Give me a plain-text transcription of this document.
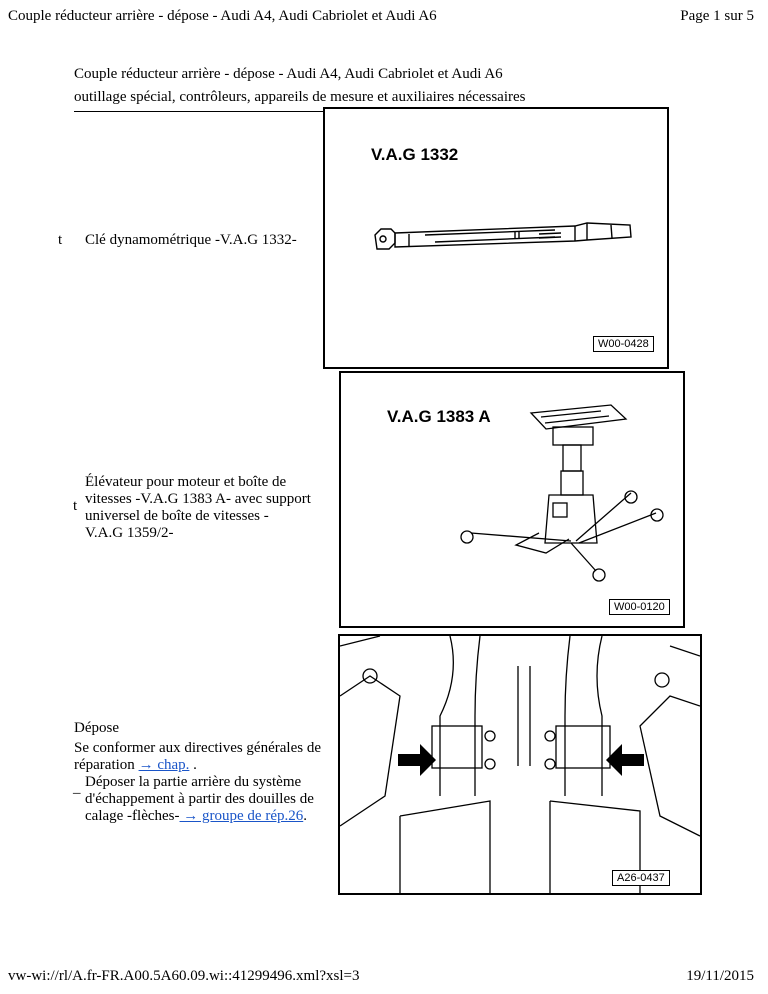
Couple réducteur arrière - dépose - Audi A4, Audi Cabriolet et Audi A6	Page 1 sur 5
Couple réducteur arrière - dépose - Audi A4, Audi Cabriolet et Audi A6
outillage spécial, contrôleurs, appareils de mesure et auxiliaires nécessaires
t Clé dynamométrique -V.A.G 1332-
V.A.G 1332
W00-0428
Élévateur pour moteur et boîte de
vitesses -V.A.G 1383 A- avec support
t
universel de boîte de vitesses -
V.A.G 1359/2-
V.A.G 1383 A
W00-0120
Dépose
Se conformer aux directives générales de
réparation → chap. .
_ Déposer la partie arrière du système
d'échappement à partir des douilles de
calage -flèches- → groupe de rép.26.
A26-0437
vw-wi://rl/A.fr-FR.A00.5A60.09.wi::41299496.xml?xsl=3	19/11/2015
